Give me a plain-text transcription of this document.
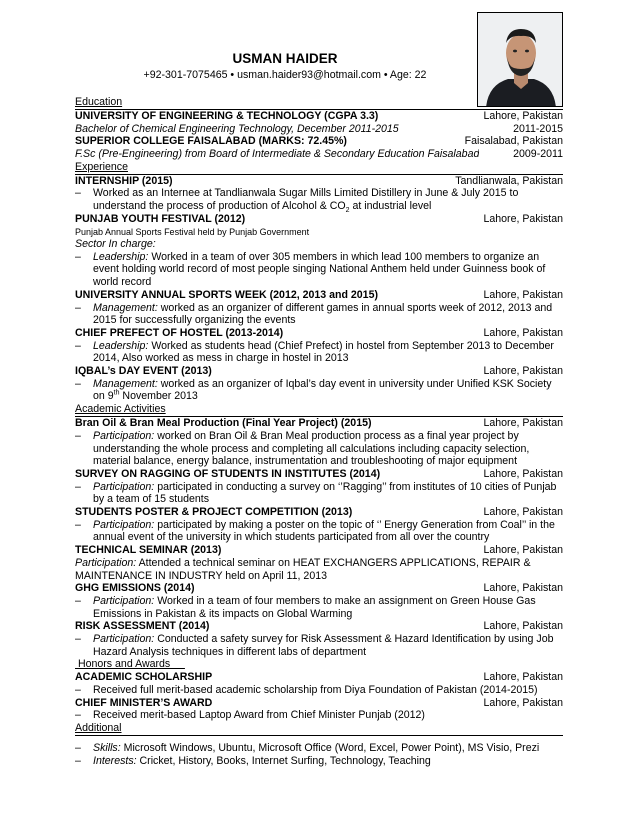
USMAN HAIDER
+92-301-7075465 • usman.haider93@hotmail.com • Age: 22
Education
UNIVERSITY OF ENGINEERING & TECHNOLOGY (CGPA 3.3)	Lahore, Pakistan
Bachelor of Chemical Engineering Technology, December 2011-2015	2011-2015
SUPERIOR COLLEGE FAISALABAD (MARKS: 72.45%)	Faisalabad, Pakistan
F.Sc (Pre-Engineering) from Board of Intermediate & Secondary Education Faisalabad	2009-2011
Experience
INTERNSHIP (2015)	Tandlianwala, Pakistan
– Worked as an Internee at Tandlianwala Sugar Mills Limited Distillery in June & July 2015 to understand the process of production of Alcohol & $CO_2$ at industrial level
PUNJAB YOUTH FESTIVAL (2012)	Lahore, Pakistan
Punjab Annual Sports Festival held by Punjab Government
Sector In charge:
– Leadership: Worked in a team of over 305 members in which lead 100 members to organize an event holding world record of most people singing National Anthem held under Guinness book of world record
UNIVERSITY ANNUAL SPORTS WEEK (2012, 2013 and 2015)	Lahore, Pakistan
– Management: worked as an organizer of different games in annual sports week of 2012, 2013 and 2015 for successfully organizing the events
CHIEF PREFECT OF HOSTEL (2013-2014)	Lahore, Pakistan
– Leadership: Worked as students head (Chief Prefect) in hostel from September 2013 to December 2014, Also worked as mess in charge in hostel in 2013
IQBAL’s DAY EVENT (2013)	Lahore, Pakistan
– Management: worked as an organizer of Iqbal’s day event in university under Unified KSK Society on 9th November 2013
Academic Activities
Bran Oil & Bran Meal Production (Final Year Project) (2015)	Lahore, Pakistan
– Participation: worked on Bran Oil & Bran Meal production process as a final year project by understanding the whole process and completing all calculations including capacity selection, material balance, energy balance, instrumentation and troubleshooting of major equipment
SURVEY ON RAGGING OF STUDENTS IN INSTITUTES (2014)	Lahore, Pakistan
– Participation: participated in conducting a survey on ‘’Ragging’’ from institutes of 10 cities of Punjab by a team of 15 students
STUDENTS POSTER & PROJECT COMPETITION (2013)	Lahore, Pakistan
– Participation: participated by making a poster on the topic of ‘’ Energy Generation from Coal’’ in the annual event of the university in which students participated from all over the country
TECHNICAL SEMINAR (2013)	Lahore, Pakistan
Participation: Attended a technical seminar on HEAT EXCHANGERS APPLICATIONS, REPAIR & MAINTENANCE IN INDUSTRY held on April 11, 2013
GHG EMISSIONS (2014)	Lahore, Pakistan
– Participation: Worked in a team of four members to make an assignment on Green House Gas Emissions in Pakistan & its impacts on Global Warming
RISK ASSESSMENT (2014)	Lahore, Pakistan
– Participation: Conducted a safety survey for Risk Assessment & Hazard Identification by using Job Hazard Analysis techniques in different labs of department
Honors and Awards
ACADEMIC SCHOLARSHIP	Lahore, Pakistan
– Received full merit-based academic scholarship from Diya Foundation of Pakistan (2014-2015)
CHIEF MINISTER’S AWARD	Lahore, Pakistan
– Received merit-based Laptop Award from Chief Minister Punjab (2012)
Additional
– Skills: Microsoft Windows, Ubuntu, Microsoft Office (Word, Excel, Power Point), MS Visio, Prezi
– Interests: Cricket, History, Books, Internet Surfing, Technology, Teaching
